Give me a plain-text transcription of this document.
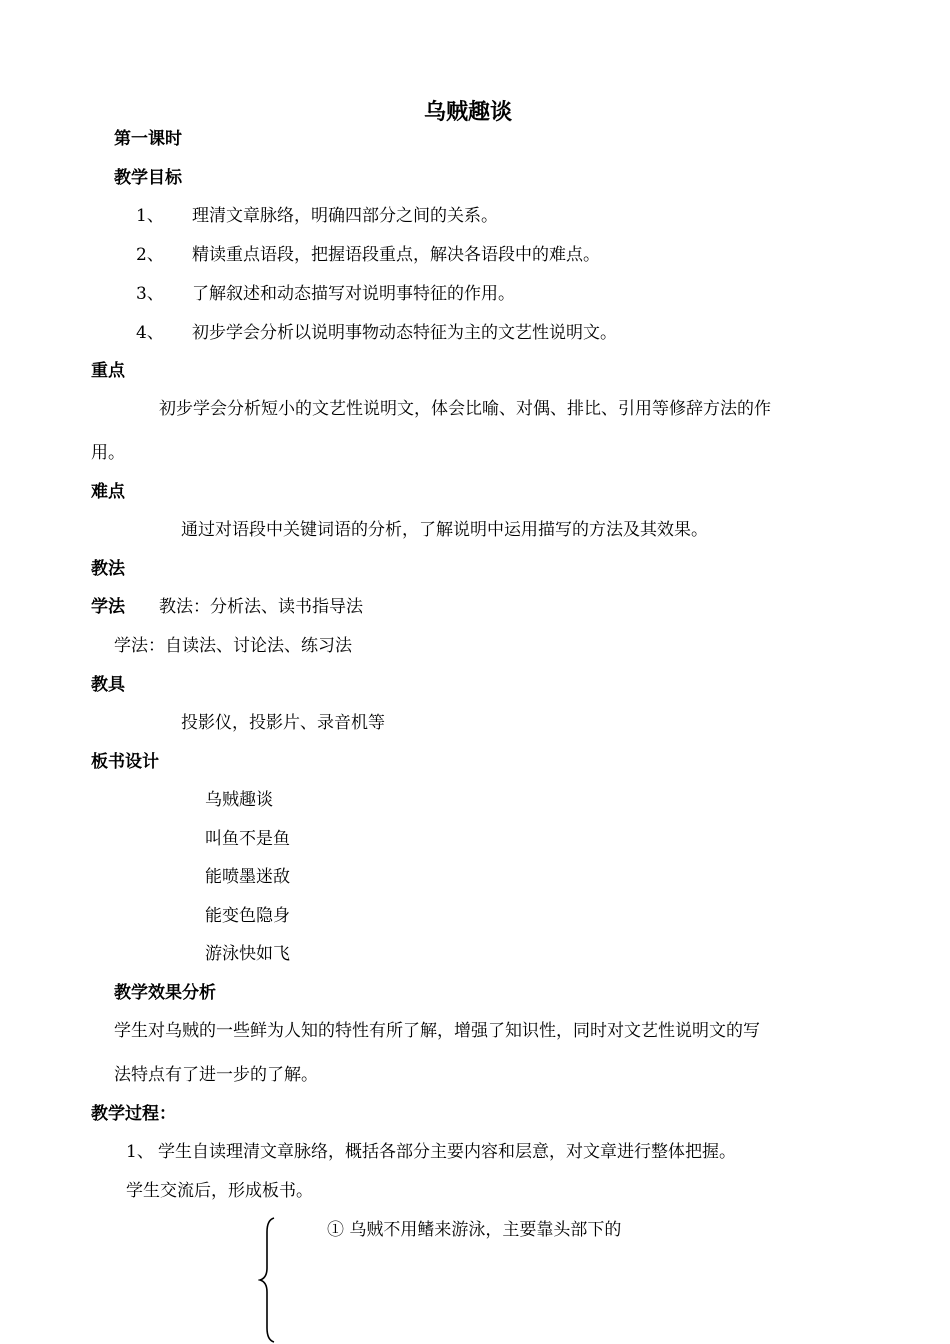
乌贼趣谈
第一课时
教学目标
1、 理清文章脉络，明确四部分之间的关系。
2、 精读重点语段，把握语段重点，解决各语段中的难点。
3、 了解叙述和动态描写对说明事特征的作用。
4、 初步学会分析以说明事物动态特征为主的文艺性说明文。
重点
初步学会分析短小的文艺性说明文，体会比喻、对偶、排比、引用等修辞方法的作
用。
难点
通过对语段中关键词语的分析，了解说明中运用描写的方法及其效果。
教法
学法 教法：分析法、读书指导法
学法：自读法、讨论法、练习法
教具
投影仪，投影片、录音机等
板书设计
乌贼趣谈
叫鱼不是鱼
能喷墨迷敌
能变色隐身
游泳快如飞
教学效果分析
学生对乌贼的一些鲜为人知的特性有所了解，增强了知识性，同时对文艺性说明文的写
法特点有了进一步的了解。
教学过程：
1、 学生自读理清文章脉络，概括各部分主要内容和层意，对文章进行整体把握。
学生交流后，形成板书。
① 乌贼不用鳍来游泳，主要靠头部下的
